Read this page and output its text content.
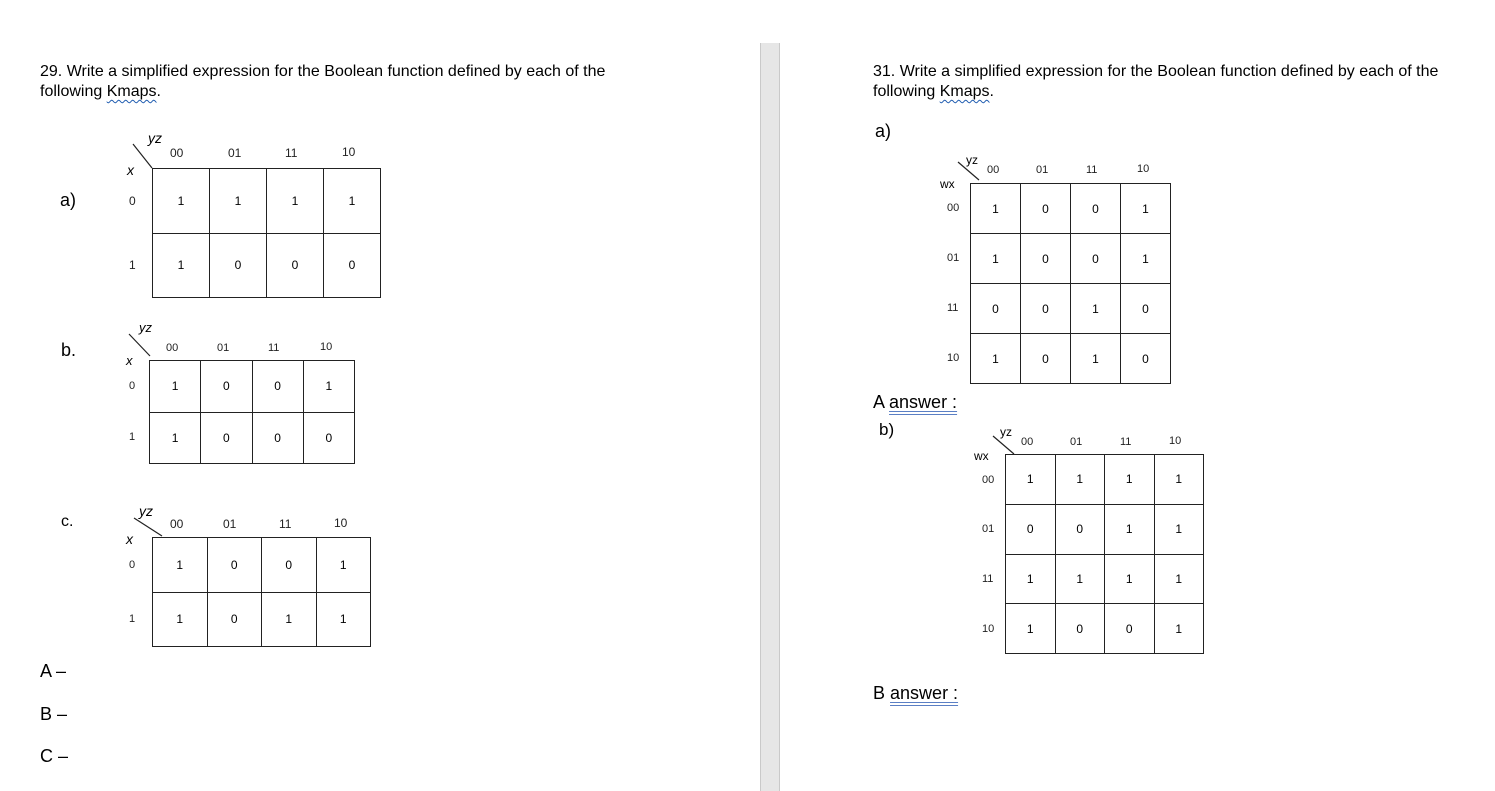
29. Write a simplified expression for the Boolean function defined by each of the
following Kmaps.
a)
yz
x
00	01	11	10
0
1
1	1	1	1
1	0	0	0
b.
yz
x
00	01	11	10
0
1
1	0	0	1
1	0	0	0
c.
yz
x
00	01	11	10
0
1
1	0	0	1
1	0	1	1
A –
B –
C –
31. Write a simplified expression for the Boolean function defined by each of the
following Kmaps.
a)
yz
wx
00	01	11	10
00
01
11
10
1	0	0	1
1	0	0	1
0	0	1	0
1	0	1	0
A answer :
b)	yz
wx
00	01	11	10
00
01
11
10
1	1	1	1
0	0	1	1
1	1	1	1
1	0	0	1
B answer :
